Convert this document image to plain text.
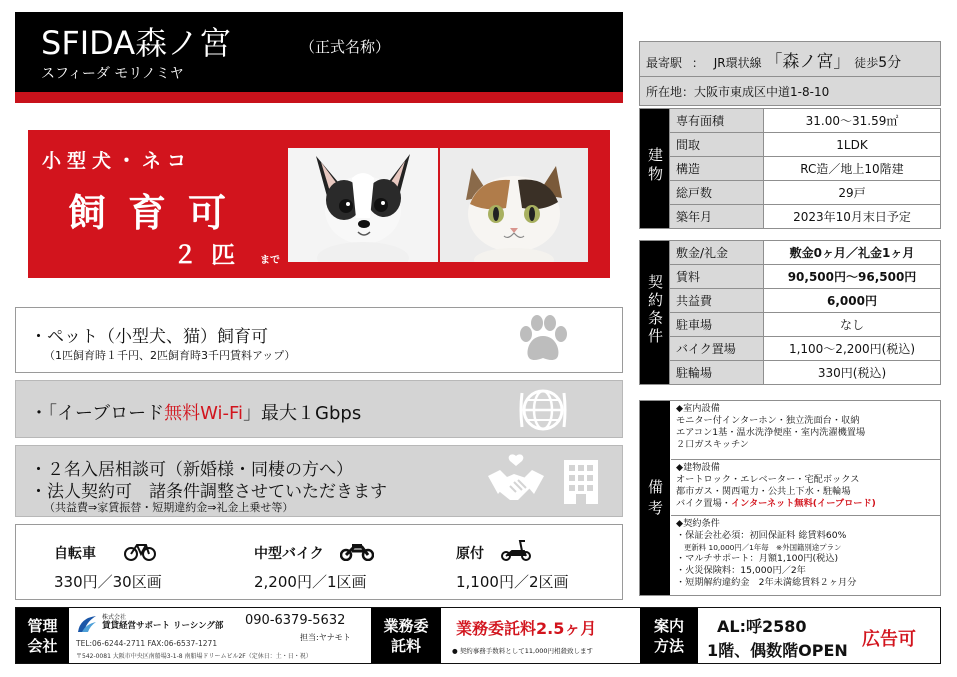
SFIDA森ノ宮	（正式名称）
スフィーダ モリノミヤ
小型犬・ネコ
飼育可
２匹 まで
・ペット（小型犬、猫）飼育可
（1匹飼育時１千円、2匹飼育時3千円賃料アップ）
・「イーブロード無料Wi-Fi」最大１Gbps
・２名入居相談可（新婚様・同棲の方へ）
・法人契約可　諸条件調整させていただきます
（共益費⇒家賃振替・短期違約金⇒礼金上乗せ等）
自転車
330円／30区画
中型バイク
2,200円／1区画
原付
1,100円／2区画
最寄駅 ： JR環状線 「森ノ宮」 徒歩5分
所在地：大阪市東成区中道1-8-10
建物	専有面積	31.00～31.59㎡
	間取	1LDK
	構造	RC造／地上10階建
	総戸数	29戸
	築年月	2023年10月末日予定
契約条件	敷金/礼金	敷金0ヶ月／礼金1ヶ月
	賃料	90,500円～96,500円
	共益費	6,000円
	駐車場	なし
	バイク置場	1,100～2,200円(税込)
	駐輪場	330円(税込)
備考
◆室内設備
モニター付インターホン・独立洗面台・収納
エアコン1基・温水洗浄便座・室内洗濯機置場
２口ガスキッチン
◆建物設備
オートロック・エレベーター・宅配ボックス
都市ガス・関西電力・公共上下水・駐輪場
バイク置場・インターネット無料(イーブロード)
◆契約条件
・保証会社必須：初回保証料 総賃料60%
更新料 10,000円／1年毎　※外国籍別途プラン
・マルチサポート：月額1,100円(税込)
・火災保険料：15,000円／2年
・短期解約違約金　2年未満総賃料２ヶ月分
管理会社
株式会社
賃貸経営サポート リーシング部 090-6379-5632
担当:ヤナモト
TEL:06-6244-2711 FAX:06-6537-1271
〒542-0081 大阪市中央区南船場3-1-8 南船場ドリームビル2F（定休日：土・日・祝）
業務委託料
業務委託料2.5ヶ月
● 契約事務手数料として11,000円相殺致します
案内方法
AL:呼2580
1階、偶数階OPEN
広告可
